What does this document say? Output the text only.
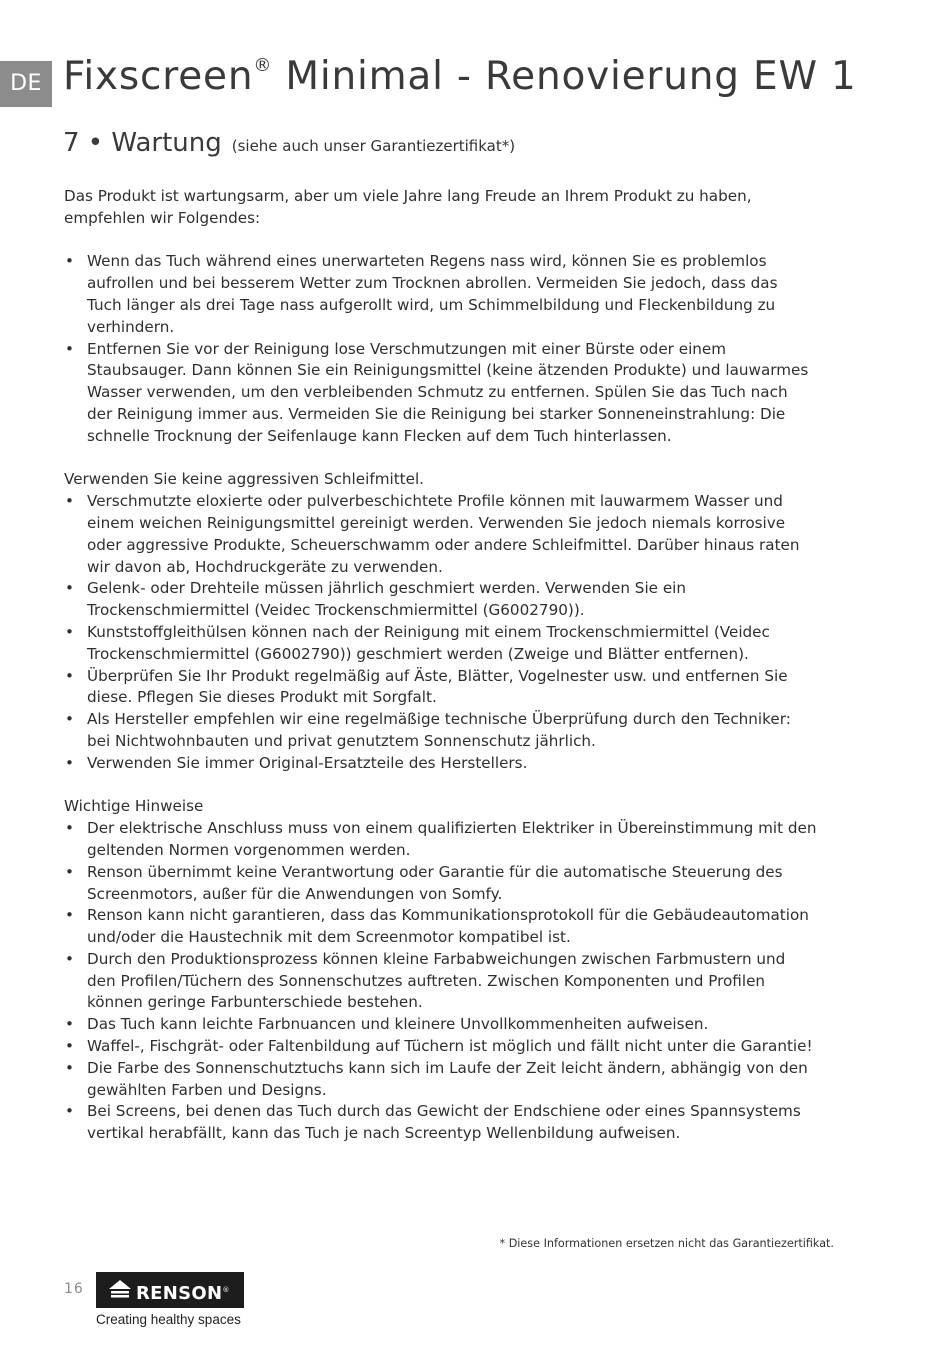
DE Fixscreen® Minimal - Renovierung EW 1
7 • Wartung (siehe auch unser Garantiezertifikat*)

Das Produkt ist wartungsarm, aber um viele Jahre lang Freude an Ihrem Produkt zu haben,
empfehlen wir Folgendes:

• Wenn das Tuch während eines unerwarteten Regens nass wird, können Sie es problemlos
aufrollen und bei besserem Wetter zum Trocknen abrollen. Vermeiden Sie jedoch, dass das
Tuch länger als drei Tage nass aufgerollt wird, um Schimmelbildung und Fleckenbildung zu
verhindern.
• Entfernen Sie vor der Reinigung lose Verschmutzungen mit einer Bürste oder einem
Staubsauger. Dann können Sie ein Reinigungsmittel (keine ätzenden Produkte) und lauwarmes
Wasser verwenden, um den verbleibenden Schmutz zu entfernen. Spülen Sie das Tuch nach
der Reinigung immer aus. Vermeiden Sie die Reinigung bei starker Sonneneinstrahlung: Die
schnelle Trocknung der Seifenlauge kann Flecken auf dem Tuch hinterlassen.

Verwenden Sie keine aggressiven Schleifmittel.

• Verschmutzte eloxierte oder pulverbeschichtete Profile können mit lauwarmem Wasser und
einem weichen Reinigungsmittel gereinigt werden. Verwenden Sie jedoch niemals korrosive
oder aggressive Produkte, Scheuerschwamm oder andere Schleifmittel. Darüber hinaus raten
wir davon ab, Hochdruckgeräte zu verwenden.
• Gelenk- oder Drehteile müssen jährlich geschmiert werden. Verwenden Sie ein
Trockenschmiermittel (Veidec Trockenschmiermittel (G6002790)).
• Kunststoffgleithülsen können nach der Reinigung mit einem Trockenschmiermittel (Veidec
Trockenschmiermittel (G6002790)) geschmiert werden (Zweige und Blätter entfernen).
• Überprüfen Sie Ihr Produkt regelmäßig auf Äste, Blätter, Vogelnester usw. und entfernen Sie
diese. Pflegen Sie dieses Produkt mit Sorgfalt.
• Als Hersteller empfehlen wir eine regelmäßige technische Überprüfung durch den Techniker:
bei Nichtwohnbauten und privat genutztem Sonnenschutz jährlich.
• Verwenden Sie immer Original-Ersatzteile des Herstellers.

Wichtige Hinweise

• Der elektrische Anschluss muss von einem qualifizierten Elektriker in Übereinstimmung mit den
geltenden Normen vorgenommen werden.
• Renson übernimmt keine Verantwortung oder Garantie für die automatische Steuerung des
Screenmotors, außer für die Anwendungen von Somfy.
• Renson kann nicht garantieren, dass das Kommunikationsprotokoll für die Gebäudeautomation
und/oder die Haustechnik mit dem Screenmotor kompatibel ist.
• Durch den Produktionsprozess können kleine Farbabweichungen zwischen Farbmustern und
den Profilen/Tüchern des Sonnenschutzes auftreten. Zwischen Komponenten und Profilen
können geringe Farbunterschiede bestehen.
• Das Tuch kann leichte Farbnuancen und kleinere Unvollkommenheiten aufweisen.
• Waffel-, Fischgrät- oder Faltenbildung auf Tüchern ist möglich und fällt nicht unter die Garantie!
• Die Farbe des Sonnenschutztuchs kann sich im Laufe der Zeit leicht ändern, abhängig von den
gewählten Farben und Designs.
• Bei Screens, bei denen das Tuch durch das Gewicht der Endschiene oder eines Spannsystems
vertikal herabfällt, kann das Tuch je nach Screentyp Wellenbildung aufweisen.
* Diese Informationen ersetzen nicht das Garantiezertifikat.
16	RENSON®
Creating healthy spaces
